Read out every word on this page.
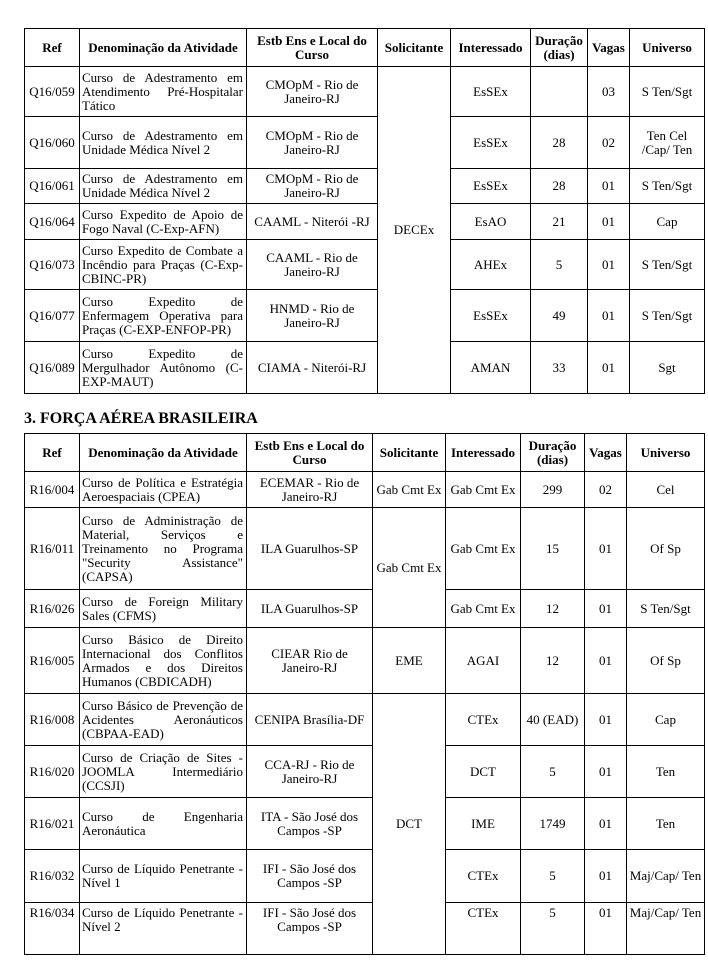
Ref	Denominação da Atividade	Estb Ens e Local do Curso	Solicitante	Interessado	Duração (dias)	Vagas	Universo
Q16/059	Curso de Adestramento em Atendimento Pré-Hospitalar Tático	CMOpM - Rio de Janeiro-RJ	DECEx	EsSEx		03	S Ten/Sgt
Q16/060	Curso de Adestramento em Unidade Médica Nível 2	CMOpM - Rio de Janeiro-RJ		EsSEx	28	02	Ten Cel /Cap/ Ten
Q16/061	Curso de Adestramento em Unidade Médica Nível 2	CMOpM - Rio de Janeiro-RJ		EsSEx	28	01	S Ten/Sgt
Q16/064	Curso Expedito de Apoio de Fogo Naval (C-Exp-AFN)	CAAML - Niterói -RJ		EsAO	21	01	Cap
Q16/073	Curso Expedito de Combate a Incêndio para Praças (C-Exp-CBINC-PR)	CAAML - Rio de Janeiro-RJ		AHEx	5	01	S Ten/Sgt
Q16/077	Curso Expedito de Enfermagem Operativa para Praças (C-EXP-ENFOP-PR)	HNMD - Rio de Janeiro-RJ		EsSEx	49	01	S Ten/Sgt
Q16/089	Curso Expedito de Mergulhador Autônomo (C-EXP-MAUT)	CIAMA - Niterói-RJ		AMAN	33	01	Sgt
3. FORÇA AÉREA BRASILEIRA
Ref	Denominação da Atividade	Estb Ens e Local do Curso	Solicitante	Interessado	Duração (dias)	Vagas	Universo
R16/004	Curso de Política e Estratégia Aeroespaciais (CPEA)	ECEMAR - Rio de Janeiro-RJ	Gab Cmt Ex	Gab Cmt Ex	299	02	Cel
R16/011	Curso de Administração de Material, Serviços e Treinamento no Programa "Security Assistance" (CAPSA)	ILA Guarulhos-SP	Gab Cmt Ex	Gab Cmt Ex	15	01	Of Sp
R16/026	Curso de Foreign Military Sales (CFMS)	ILA Guarulhos-SP		Gab Cmt Ex	12	01	S Ten/Sgt
R16/005	Curso Básico de Direito Internacional dos Conflitos Armados e dos Direitos Humanos (CBDICADH)	CIEAR Rio de Janeiro-RJ	EME	AGAI	12	01	Of Sp
R16/008	Curso Básico de Prevenção de Acidentes Aeronáuticos (CBPAA-EAD)	CENIPA Brasília-DF	DCT	CTEx	40 (EAD)	01	Cap
R16/020	Curso de Criação de Sites - JOOMLA Intermediário (CCSJI)	CCA-RJ - Rio de Janeiro-RJ		DCT	5	01	Ten
R16/021	Curso de Engenharia Aeronáutica	ITA - São José dos Campos -SP		IME	1749	01	Ten
R16/032	Curso de Líquido Penetrante - Nível 1	IFI - São José dos Campos -SP		CTEx	5	01	Maj/Cap/ Ten
R16/034	Curso de Líquido Penetrante - Nível 2	IFI - São José dos Campos -SP		CTEx	5	01	Maj/Cap/ Ten
